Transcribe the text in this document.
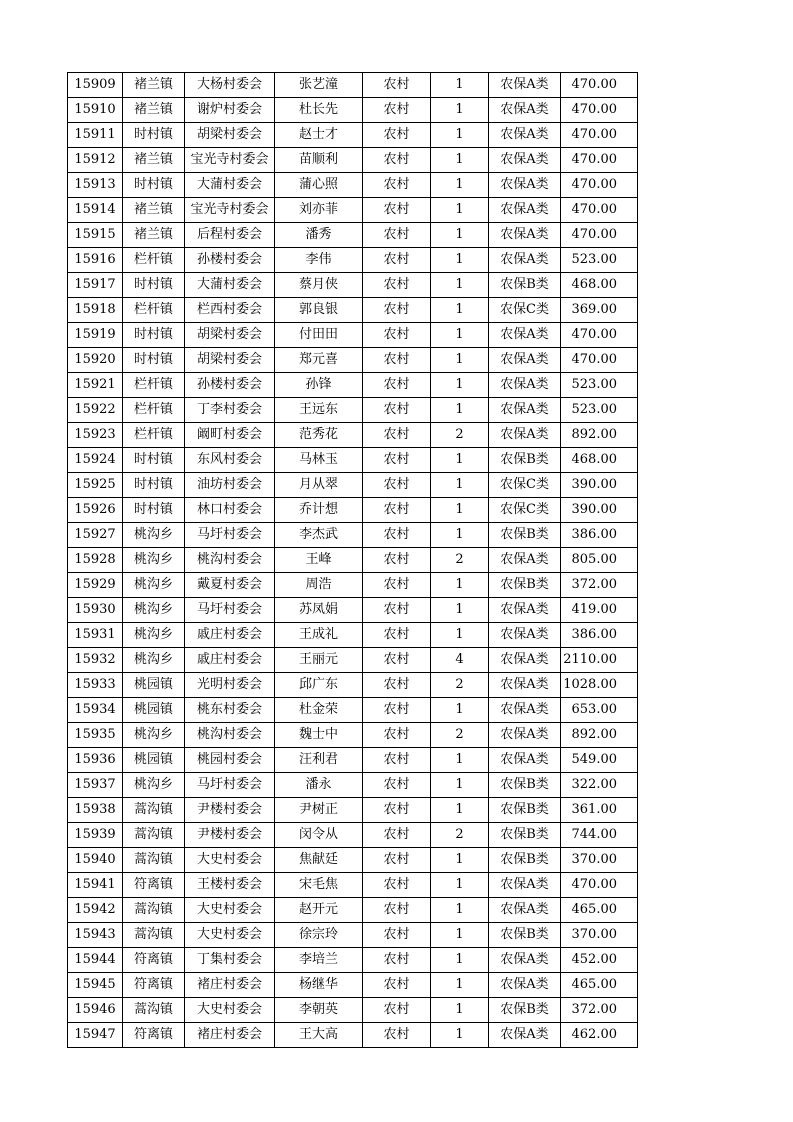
15909	褚兰镇	大杨村委会	张艺潼	农村	1	农保A类	470.00
15910	褚兰镇	谢炉村委会	杜长先	农村	1	农保A类	470.00
15911	时村镇	胡梁村委会	赵士才	农村	1	农保A类	470.00
15912	褚兰镇	宝光寺村委会	苗顺利	农村	1	农保A类	470.00
15913	时村镇	大蒲村委会	蒲心照	农村	1	农保A类	470.00
15914	褚兰镇	宝光寺村委会	刘亦菲	农村	1	农保A类	470.00
15915	褚兰镇	后程村委会	潘秀	农村	1	农保A类	470.00
15916	栏杆镇	孙楼村委会	李伟	农村	1	农保A类	523.00
15917	时村镇	大蒲村委会	蔡月侠	农村	1	农保B类	468.00
15918	栏杆镇	栏西村委会	郭良银	农村	1	农保C类	369.00
15919	时村镇	胡梁村委会	付田田	农村	1	农保A类	470.00
15920	时村镇	胡梁村委会	郑元喜	农村	1	农保A类	470.00
15921	栏杆镇	孙楼村委会	孙锋	农村	1	农保A类	523.00
15922	栏杆镇	丁李村委会	王远东	农村	1	农保A类	523.00
15923	栏杆镇	阚町村委会	范秀花	农村	2	农保A类	892.00
15924	时村镇	东风村委会	马林玉	农村	1	农保B类	468.00
15925	时村镇	油坊村委会	月从翠	农村	1	农保C类	390.00
15926	时村镇	林口村委会	乔计想	农村	1	农保C类	390.00
15927	桃沟乡	马圩村委会	李杰武	农村	1	农保B类	386.00
15928	桃沟乡	桃沟村委会	王峰	农村	2	农保A类	805.00
15929	桃沟乡	戴夏村委会	周浩	农村	1	农保B类	372.00
15930	桃沟乡	马圩村委会	苏凤娟	农村	1	农保A类	419.00
15931	桃沟乡	戚庄村委会	王成礼	农村	1	农保A类	386.00
15932	桃沟乡	戚庄村委会	王丽元	农村	4	农保A类	2110.00
15933	桃园镇	光明村委会	邱广东	农村	2	农保A类	1028.00
15934	桃园镇	桃东村委会	杜金荣	农村	1	农保A类	653.00
15935	桃沟乡	桃沟村委会	魏士中	农村	2	农保A类	892.00
15936	桃园镇	桃园村委会	汪利君	农村	1	农保A类	549.00
15937	桃沟乡	马圩村委会	潘永	农村	1	农保B类	322.00
15938	蒿沟镇	尹楼村委会	尹树正	农村	1	农保B类	361.00
15939	蒿沟镇	尹楼村委会	闵令从	农村	2	农保B类	744.00
15940	蒿沟镇	大史村委会	焦献廷	农村	1	农保B类	370.00
15941	符离镇	王楼村委会	宋毛焦	农村	1	农保A类	470.00
15942	蒿沟镇	大史村委会	赵开元	农村	1	农保A类	465.00
15943	蒿沟镇	大史村委会	徐宗玲	农村	1	农保B类	370.00
15944	符离镇	丁集村委会	李培兰	农村	1	农保A类	452.00
15945	符离镇	褚庄村委会	杨继华	农村	1	农保A类	465.00
15946	蒿沟镇	大史村委会	李朝英	农村	1	农保B类	372.00
15947	符离镇	褚庄村委会	王大高	农村	1	农保A类	462.00
